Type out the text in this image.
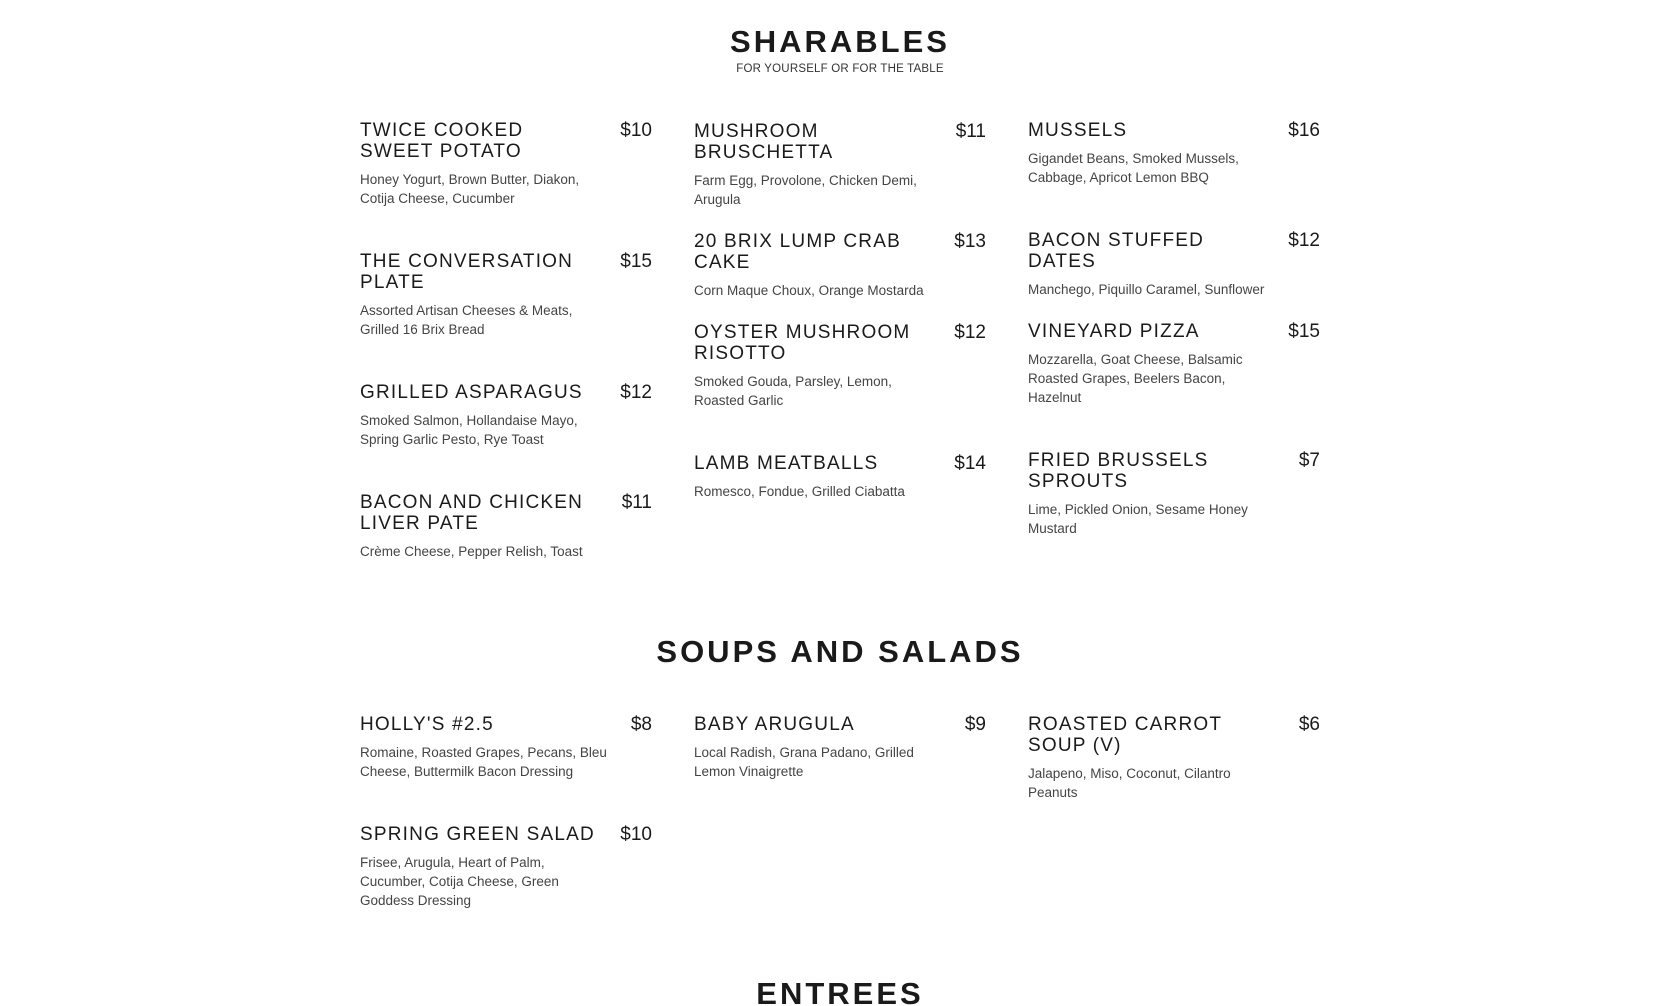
SHARABLES

FOR YOURSELF OR FOR THE TABLE

TWICE COOKED SWEET POTATO
$10
Honey Yogurt, Brown Butter, Diakon, Cotija Cheese, Cucumber
THE CONVERSATION PLATE
$15
Assorted Artisan Cheeses & Meats, Grilled 16 Brix Bread
GRILLED ASPARAGUS	$12
Smoked Salmon, Hollandaise Mayo, Spring Garlic Pesto, Rye Toast
BACON AND CHICKEN LIVER PATE
$11
Crème Cheese, Pepper Relish, Toast
MUSHROOM BRUSCHETTA
$11
Farm Egg, Provolone, Chicken Demi, Arugula
20 BRIX LUMP CRAB CAKE
$13
Corn Maque Choux, Orange Mostarda
OYSTER MUSHROOM RISOTTO
$12
Smoked Gouda, Parsley, Lemon, Roasted Garlic
LAMB MEATBALLS	$14
Romesco, Fondue, Grilled Ciabatta
MUSSELS	$16
Gigandet Beans, Smoked Mussels, Cabbage, Apricot Lemon BBQ
BACON STUFFED DATES
$12
Manchego, Piquillo Caramel, Sunflower
VINEYARD PIZZA	$15
Mozzarella, Goat Cheese, Balsamic Roasted Grapes, Beelers Bacon, Hazelnut
FRIED BRUSSELS SPROUTS
$7
Lime, Pickled Onion, Sesame Honey Mustard
SOUPS AND SALADS
HOLLY'S #2.5	$8
Romaine, Roasted Grapes, Pecans, Bleu Cheese, Buttermilk Bacon Dressing
SPRING GREEN SALAD	$10
Frisee, Arugula, Heart of Palm, Cucumber, Cotija Cheese, Green Goddess Dressing
BABY ARUGULA	$9
Local Radish, Grana Padano, Grilled Lemon Vinaigrette
ROASTED CARROT SOUP (V)
$6
Jalapeno, Miso, Coconut, Cilantro Peanuts
ENTREES
